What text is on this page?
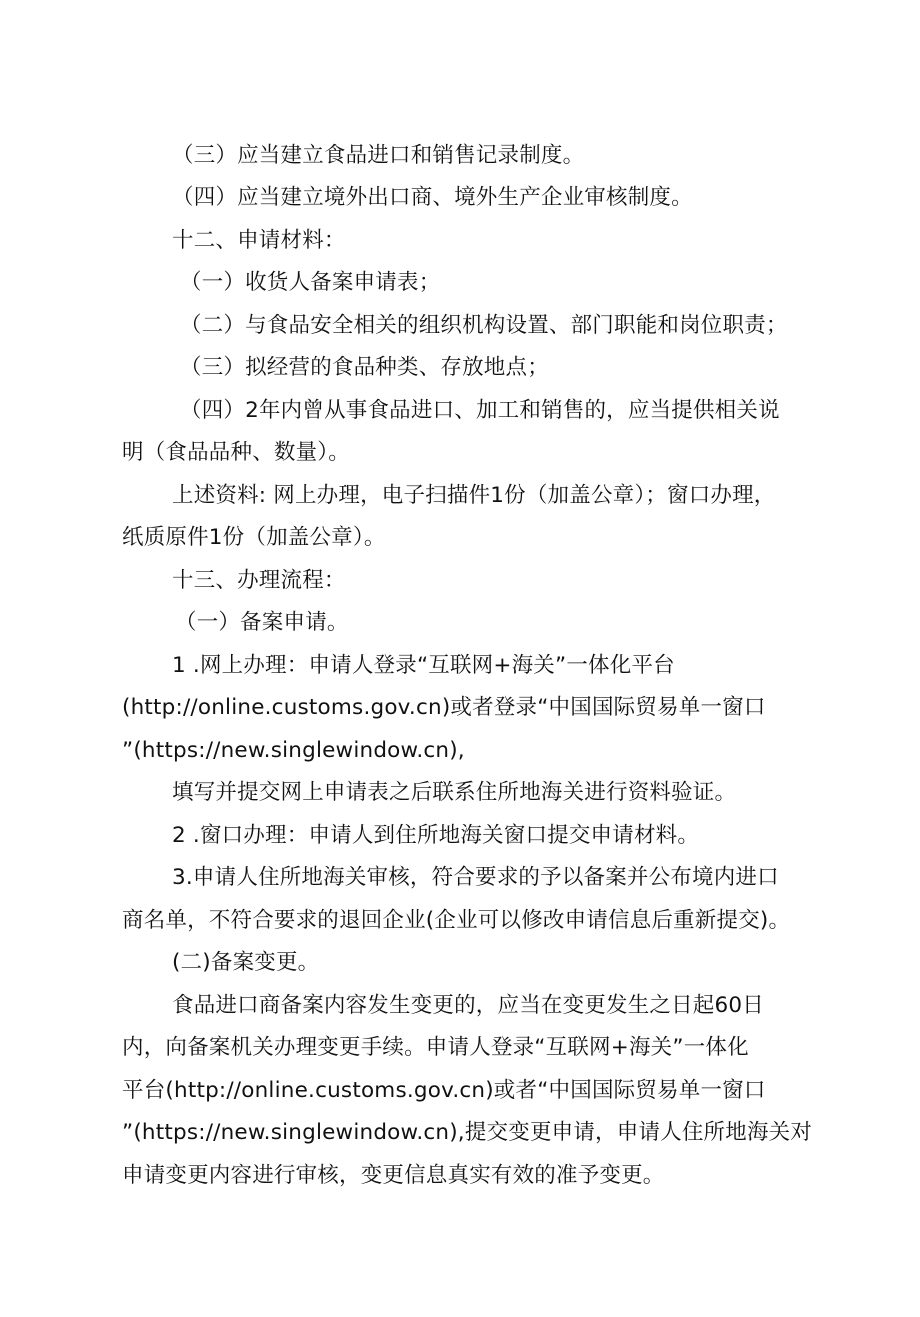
（三）应当建立食品进口和销售记录制度。
（四）应当建立境外出口商、境外生产企业审核制度。
十二、申请材料：
（一）收货人备案申请表；
（二）与食品安全相关的组织机构设置、部门职能和岗位职责；
（三）拟经营的食品种类、存放地点；
（四）2年内曾从事食品进口、加工和销售的，应当提供相关说
明（食品品种、数量）。
上述资料: 网上办理，电子扫描件1份（加盖公章）；窗口办理，
纸质原件1份（加盖公章）。
十三、办理流程：
（一）备案申请。
1 .网上办理：申请人登录“互联网+海关”一体化平台
(http://online.customs.gov.cn)或者登录“中国国际贸易单一窗口
”(https://new.singlewindow.cn),
填写并提交网上申请表之后联系住所地海关进行资料验证。
2 .窗口办理：申请人到住所地海关窗口提交申请材料。
3.申请人住所地海关审核，符合要求的予以备案并公布境内进口
商名单，不符合要求的退回企业(企业可以修改申请信息后重新提交)。
(二)备案变更。
食品进口商备案内容发生变更的，应当在变更发生之日起60日
内，向备案机关办理变更手续。申请人登录“互联网+海关”一体化
平台(http://online.customs.gov.cn)或者“中国国际贸易单一窗口
”(https://new.singlewindow.cn),提交变更申请，申请人住所地海关对
申请变更内容进行审核，变更信息真实有效的准予变更。
